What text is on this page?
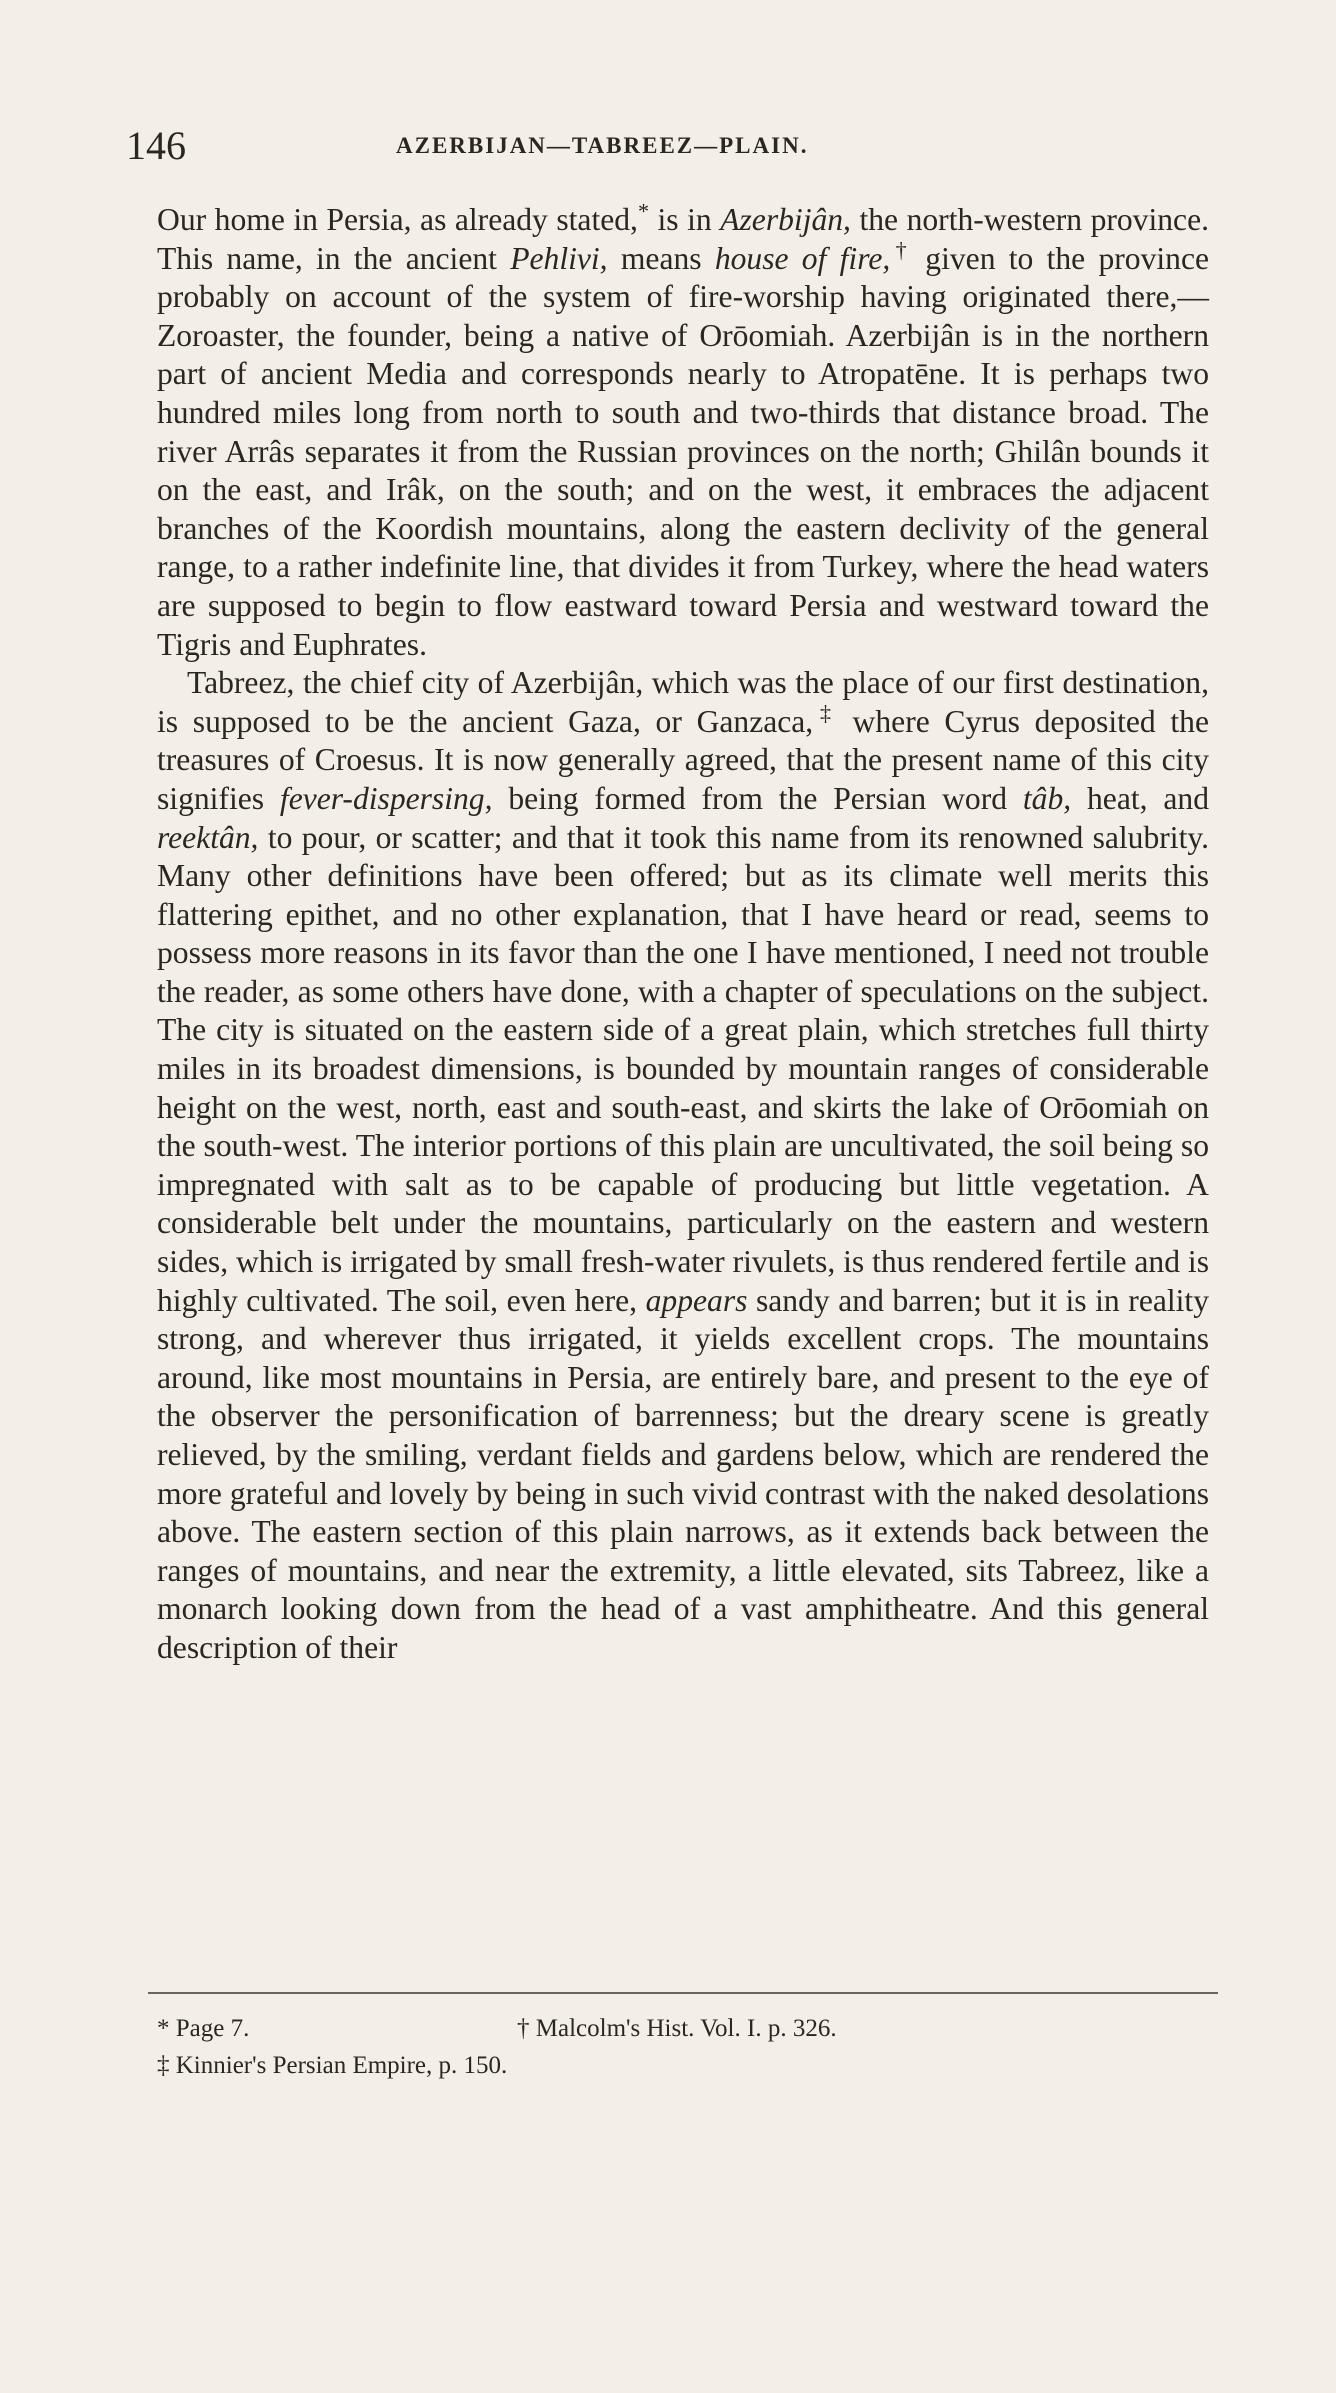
146	AZERBIJAN—TABREEZ—PLAIN.

Our home in Persia, as already stated,* is in Azerbijân, the north-western province. This name, in the ancient Pehlivi, means house of fire,† given to the province probably on account of the system of fire-worship having originated there,—Zoroaster, the founder, being a native of Orōomiah. Azerbijân is in the northern part of ancient Media and corresponds nearly to Atropatēne. It is perhaps two hundred miles long from north to south and two-thirds that distance broad. The river Arrâs separates it from the Russian provinces on the north; Ghilân bounds it on the east, and Irâk, on the south; and on the west, it embraces the adjacent branches of the Koordish mountains, along the eastern declivity of the general range, to a rather indefinite line, that divides it from Turkey, where the head waters are supposed to begin to flow eastward toward Persia and westward toward the Tigris and Euphrates.

Tabreez, the chief city of Azerbijân, which was the place of our first destination, is supposed to be the ancient Gaza, or Ganzaca,‡ where Cyrus deposited the treasures of Croesus. It is now generally agreed, that the present name of this city signifies fever-dispersing, being formed from the Persian word tâb, heat, and reektân, to pour, or scatter; and that it took this name from its renowned salubrity. Many other definitions have been offered; but as its climate well merits this flattering epithet, and no other explanation, that I have heard or read, seems to possess more reasons in its favor than the one I have mentioned, I need not trouble the reader, as some others have done, with a chapter of speculations on the subject. The city is situated on the eastern side of a great plain, which stretches full thirty miles in its broadest dimensions, is bounded by mountain ranges of considerable height on the west, north, east and south-east, and skirts the lake of Orōomiah on the south-west. The interior portions of this plain are uncultivated, the soil being so impregnated with salt as to be capable of producing but little vegetation. A considerable belt under the mountains, particularly on the eastern and western sides, which is irrigated by small fresh-water rivulets, is thus rendered fertile and is highly cultivated. The soil, even here, appears sandy and barren; but it is in reality strong, and wherever thus irrigated, it yields excellent crops. The mountains around, like most mountains in Persia, are entirely bare, and present to the eye of the observer the personification of barrenness; but the dreary scene is greatly relieved, by the smiling, verdant fields and gardens below, which are rendered the more grateful and lovely by being in such vivid contrast with the naked desolations above. The eastern section of this plain narrows, as it extends back between the ranges of mountains, and near the extremity, a little elevated, sits Tabreez, like a monarch looking down from the head of a vast amphitheatre. And this general description of their

* Page 7.	† Malcolm's Hist. Vol. I. p. 326.
‡ Kinnier's Persian Empire, p. 150.
